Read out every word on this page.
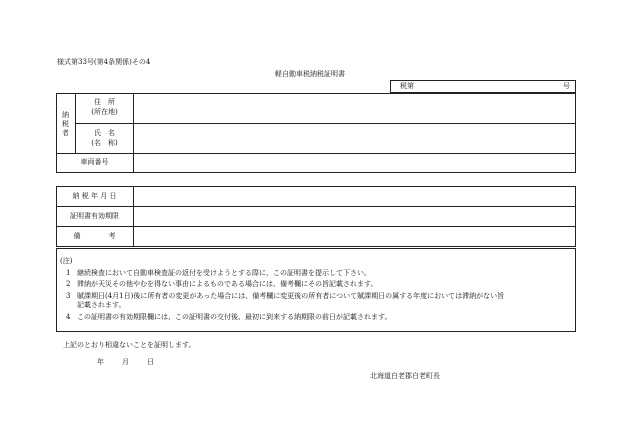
様式第33号(第4条関係)その4
軽自動車税納税証明書
税第	号
納税者
住　所
(所在地)
氏　名
(名　称)
車両番号
納 税 年 月 日
証明書有効期限
備　　　　考
(注)
1 継続検査において自動車検査証の返付を受けようとする際に、この証明書を提示して下さい。
2 滞納が天災その他やむを得ない事由によるものである場合には、備考欄にその旨記載されます。
3 賦課期日(4月1日)後に所有者の変更があった場合には、備考欄に変更後の所有者について賦課期日の属する年度においては滞納がない旨
記載されます。
4 この証明書の有効期限欄には、この証明書の交付後、最初に到来する納期限の前日が記載されます。
上記のとおり相違ないことを証明します。
年	月	日
北海道白老郡白老町長
